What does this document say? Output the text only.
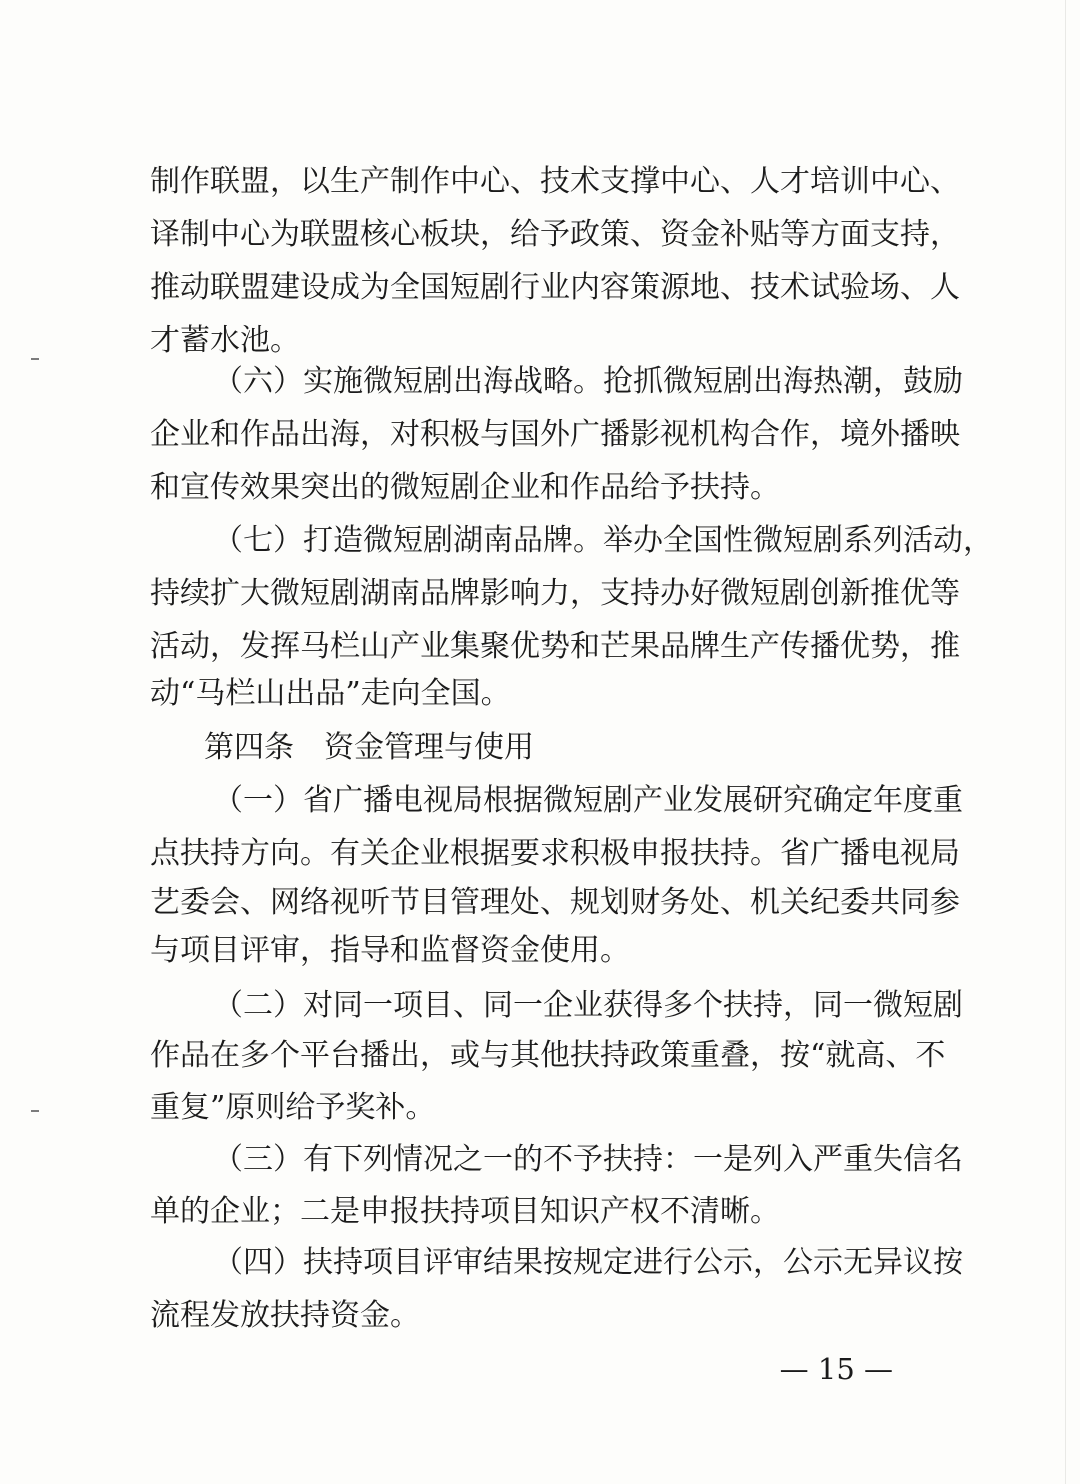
制作联盟，以生产制作中心、技术支撑中心、人才培训中心、

译制中心为联盟核心板块，给予政策、资金补贴等方面支持，

推动联盟建设成为全国短剧行业内容策源地、技术试验场、人

才蓄水池。

（六）实施微短剧出海战略。抢抓微短剧出海热潮，鼓励

企业和作品出海，对积极与国外广播影视机构合作，境外播映

和宣传效果突出的微短剧企业和作品给予扶持。

（七）打造微短剧湖南品牌。举办全国性微短剧系列活动，

持续扩大微短剧湖南品牌影响力，支持办好微短剧创新推优等

活动，发挥马栏山产业集聚优势和芒果品牌生产传播优势，推

动“马栏山出品”走向全国。

第四条　资金管理与使用

（一）省广播电视局根据微短剧产业发展研究确定年度重

点扶持方向。有关企业根据要求积极申报扶持。省广播电视局

艺委会、网络视听节目管理处、规划财务处、机关纪委共同参

与项目评审，指导和监督资金使用。

（二）对同一项目、同一企业获得多个扶持，同一微短剧

作品在多个平台播出，或与其他扶持政策重叠，按“就高、不

重复”原则给予奖补。

（三）有下列情况之一的不予扶持：一是列入严重失信名

单的企业；二是申报扶持项目知识产权不清晰。

（四）扶持项目评审结果按规定进行公示，公示无异议按

流程发放扶持资金。

— 15 —
